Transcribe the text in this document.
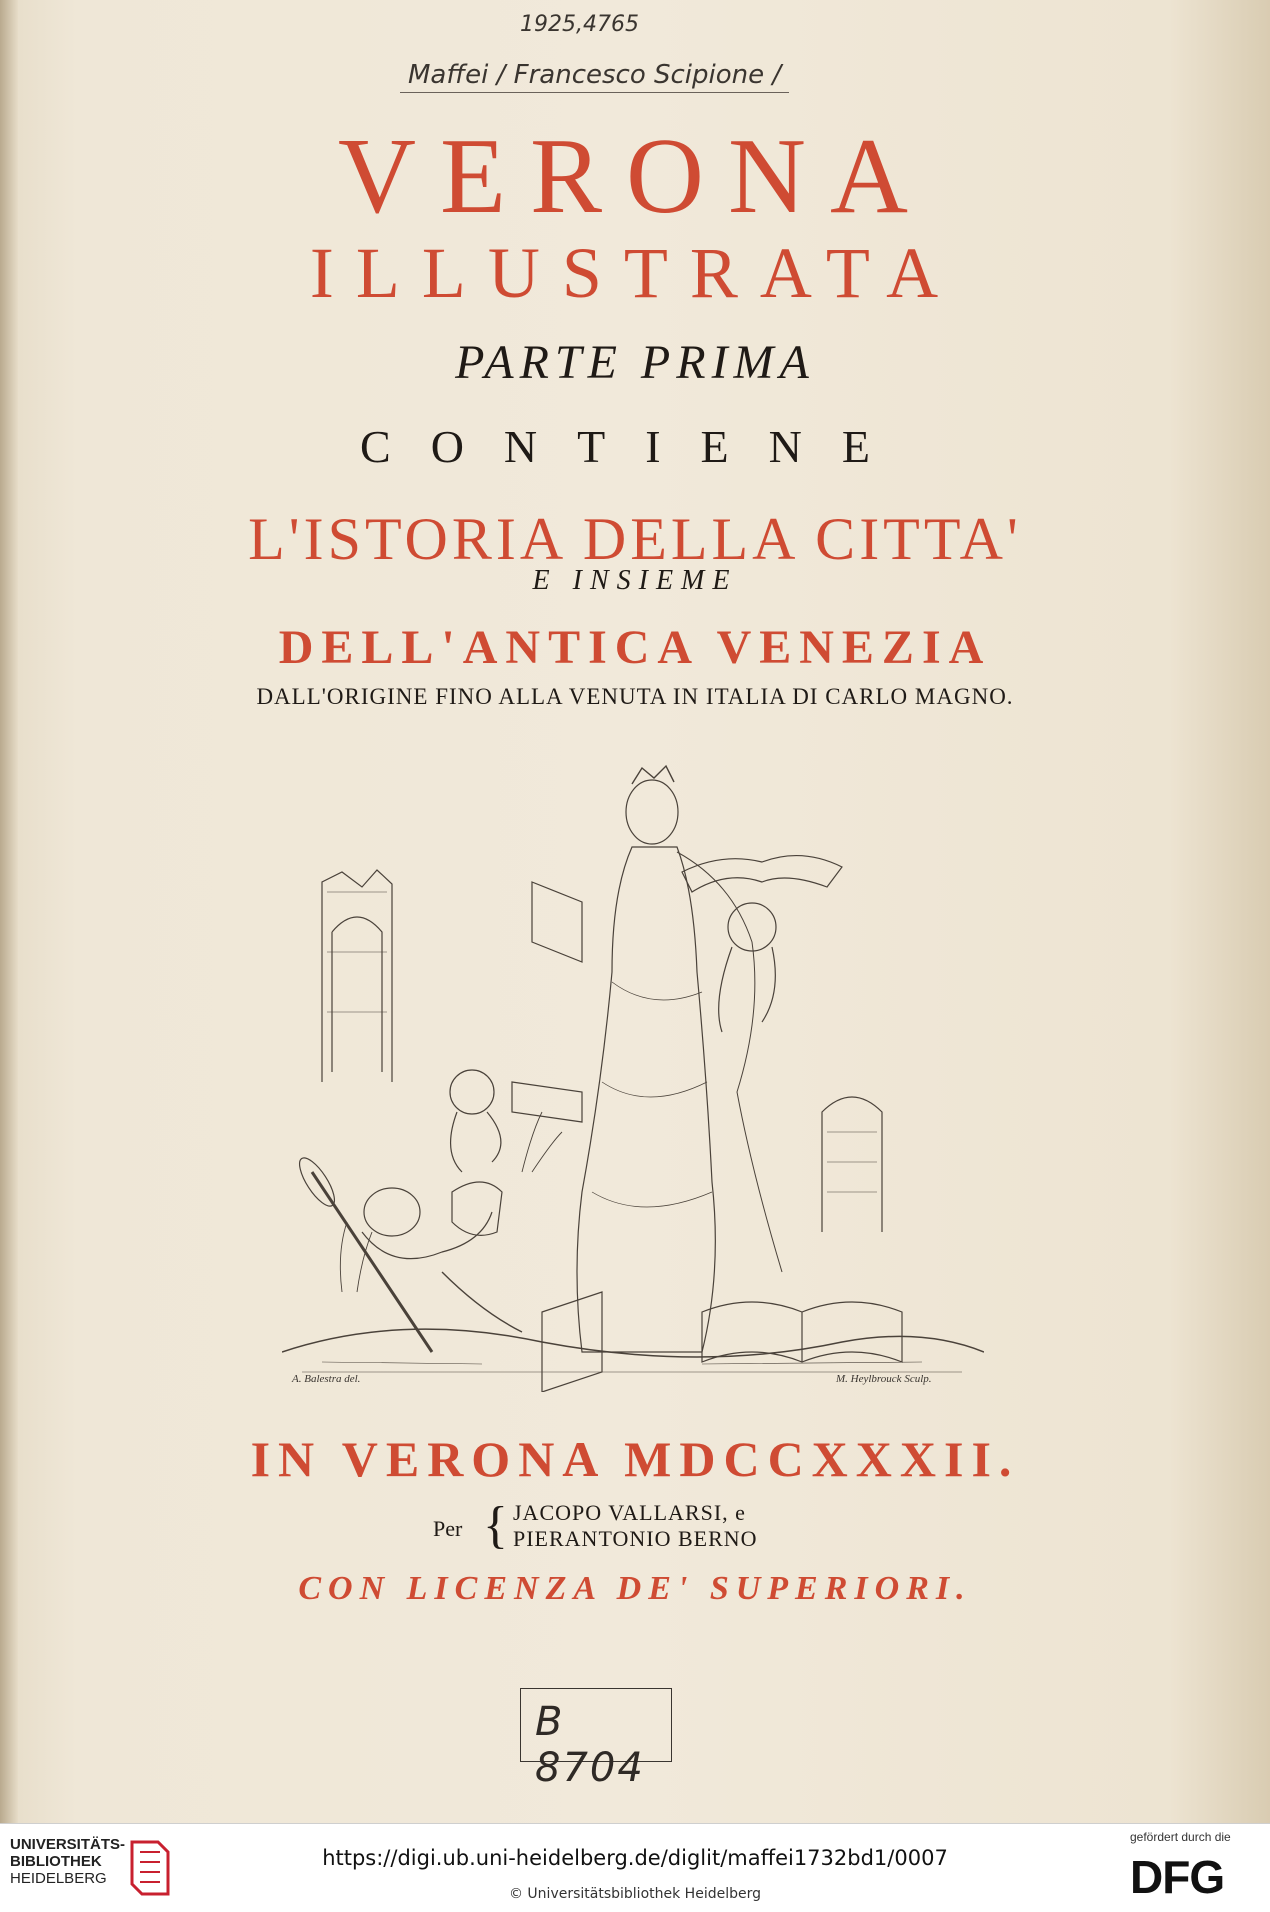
1925,4765
Maffei / Francesco Scipione /
VERONA
ILLUSTRATA
PARTE PRIMA
CONTIENE
L'ISTORIA DELLA CITTA'
E INSIEME
DELL'ANTICA VENEZIA
DALL'ORIGINE FINO ALLA VENUTA IN ITALIA DI CARLO MAGNO.
A. Balestra del.	M. Heylbrouck Sculp.
IN VERONA MDCCXXXII.
Per { JACOPO VALLARSI, e
PIERANTONIO BERNO
CON LICENZA DE' SUPERIORI.
B 8704
UNIVERSITÄTS-
BIBLIOTHEK
HEIDELBERG
https://digi.ub.uni-heidelberg.de/diglit/maffei1732bd1/0007
© Universitätsbibliothek Heidelberg
gefördert durch die
DFG
